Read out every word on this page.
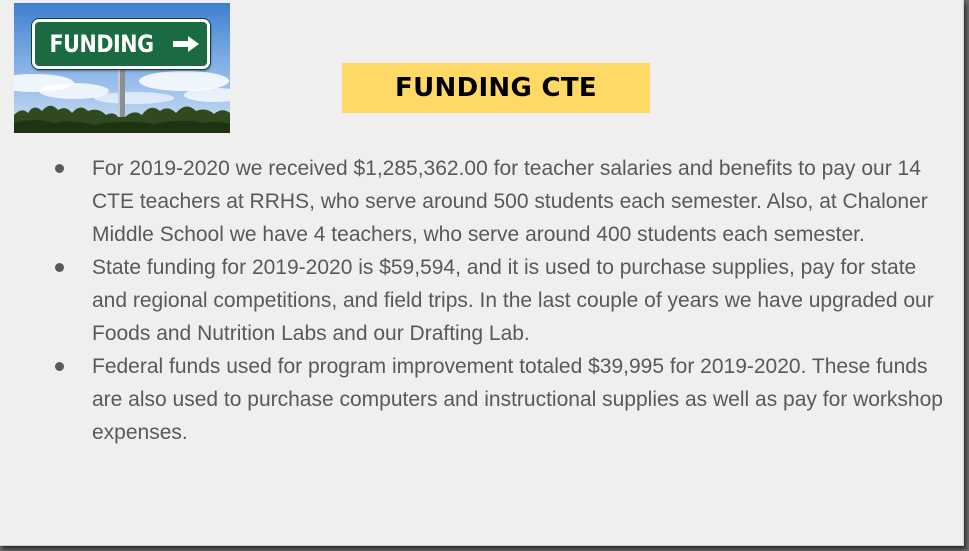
FUNDING
FUNDING CTE
For 2019-2020 we received $1,285,362.00 for teacher salaries and benefits to pay our 14 CTE teachers at RRHS, who serve around 500 students each semester. Also, at Chaloner Middle School we have 4 teachers, who serve around 400 students each semester.
State funding for 2019-2020 is $59,594, and it is used to purchase supplies, pay for state and regional competitions, and field trips. In the last couple of years we have upgraded our Foods and Nutrition Labs and our Drafting Lab.
Federal funds used for program improvement totaled $39,995 for 2019-2020. These funds are also used to purchase computers and instructional supplies as well as pay for workshop expenses.
